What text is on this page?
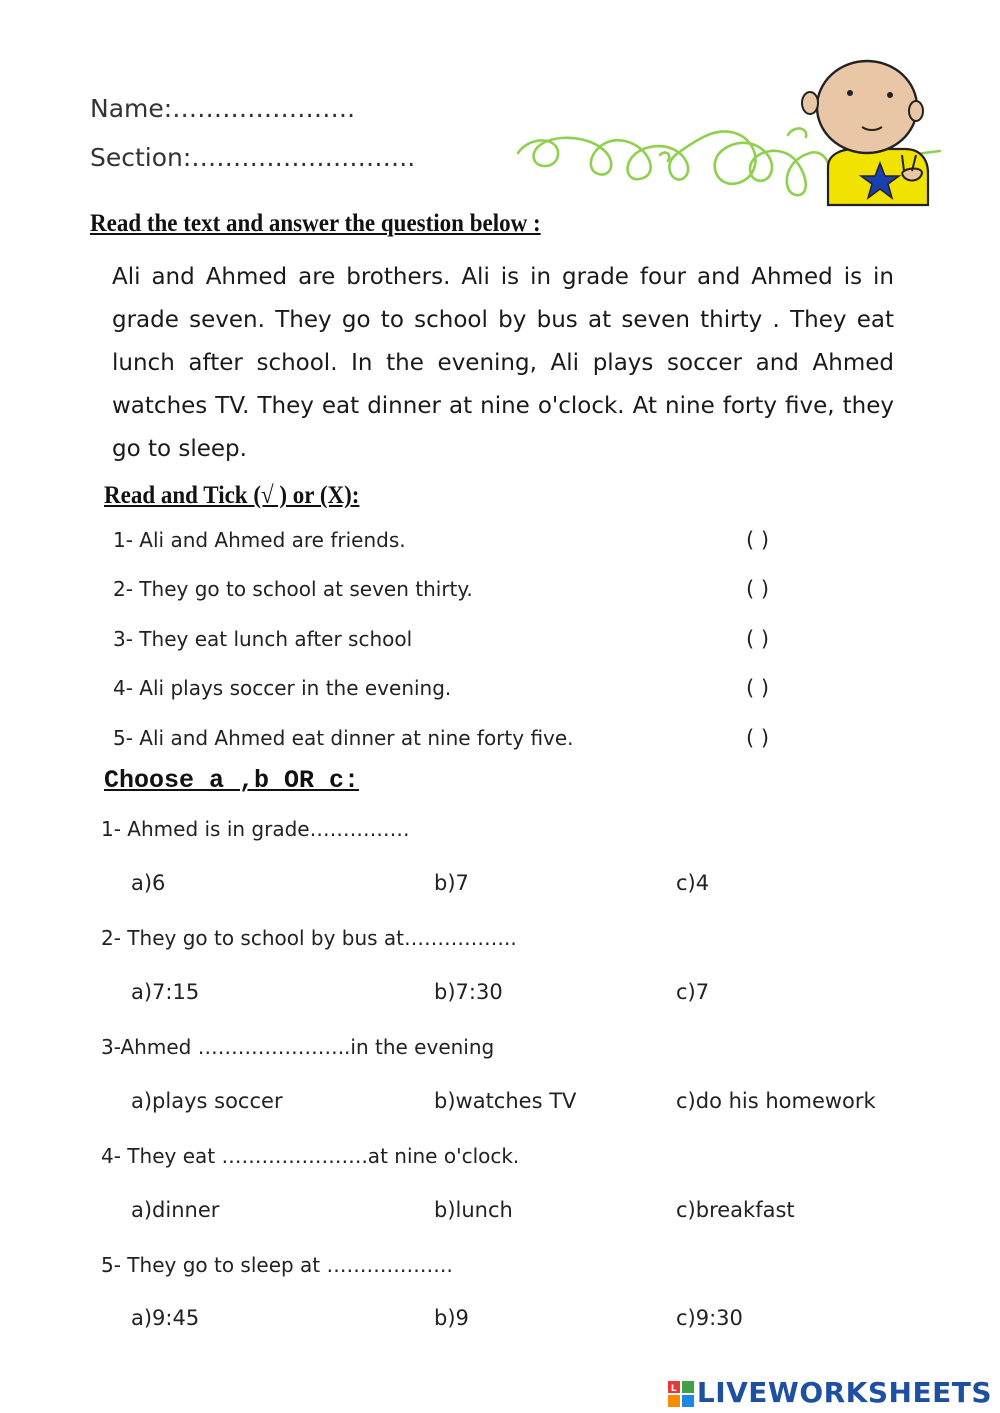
Name:………………….
Section:……………….……..
Read the text and answer the question below :
Ali and Ahmed are brothers. Ali is in grade four and Ahmed is in grade seven. They go to school by bus at seven thirty . They eat lunch after school. In the evening, Ali plays soccer and Ahmed watches TV. They eat dinner at nine o'clock. At nine forty five, they go to sleep.
Read and Tick (√ ) or (X):
1- Ali and Ahmed are friends.	( )
2- They go to school at seven thirty.	( )
3- They eat lunch after school	( )
4- Ali plays soccer in the evening.	( )
5- Ali and Ahmed eat dinner at nine forty five.	( )
Choose a ,b OR c:
1- Ahmed is in grade……………
a)6	b)7	c)4
2- They go to school by bus at……………..
a)7:15	b)7:30	c)7
3-Ahmed …………………..in the evening
a)plays soccer	b)watches TV	c)do his homework
4- They eat ………………….at nine o'clock.
a)dinner	b)lunch	c)breakfast
5- They go to sleep at ……………….
a)9:45	b)9	c)9:30
L LIVEWORKSHEETS
